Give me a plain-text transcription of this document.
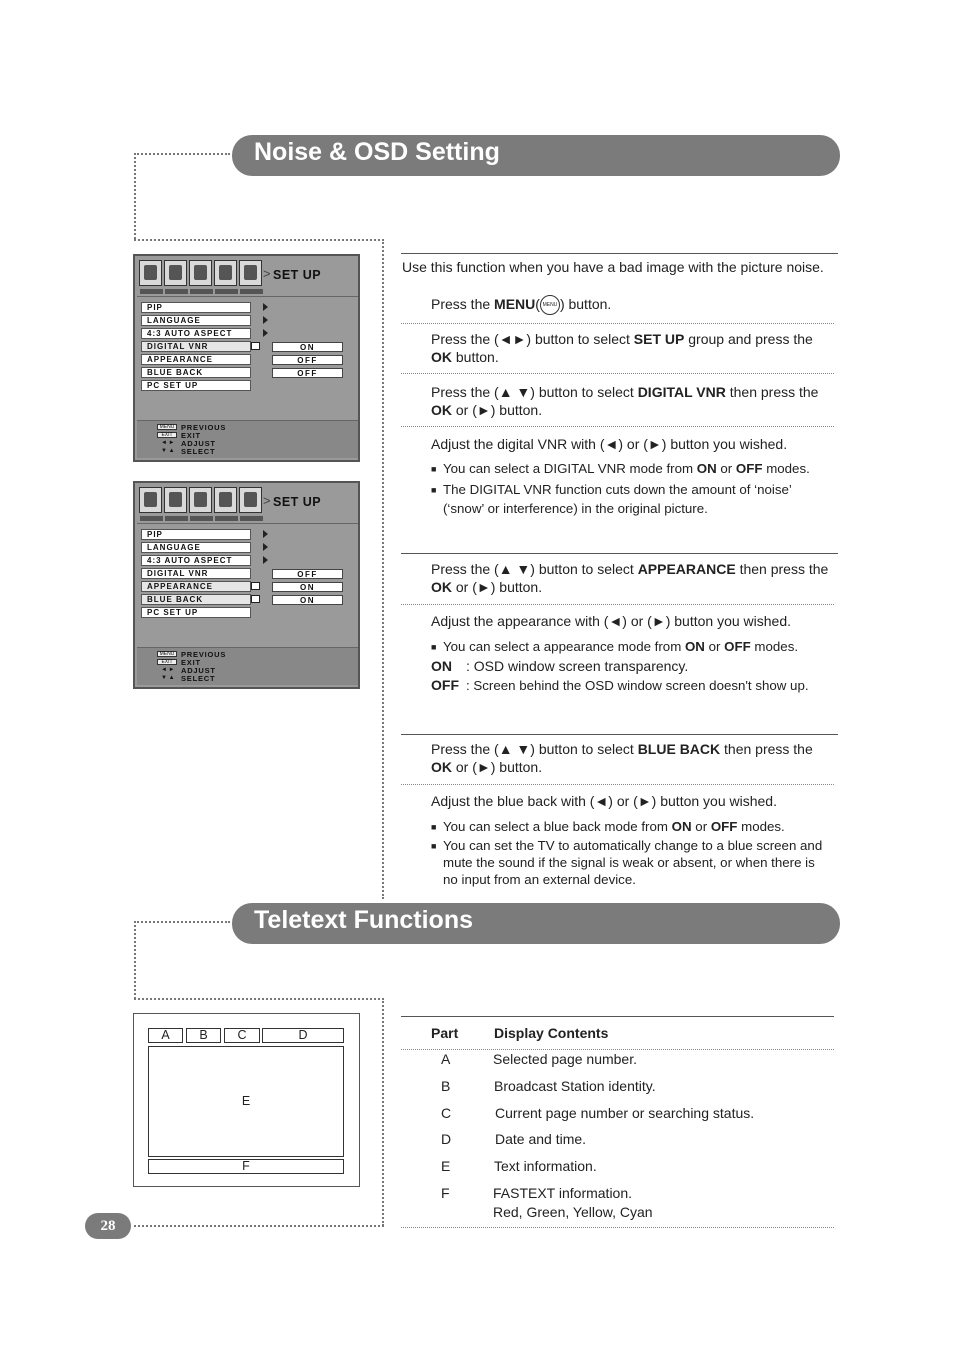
Noise & OSD Setting
> SET UP
PIP
LANGUAGE
4:3 AUTO ASPECT
DIGITAL VNR	ON
APPEARANCE	OFF
BLUE BACK	OFF
PC SET UP
MENU
EXIT
◄ ►
▼ ▲
PREVIOUS
EXIT
ADJUST
SELECT
> SET UP
PIP
LANGUAGE
4:3 AUTO ASPECT
DIGITAL VNR	OFF
APPEARANCE	ON
BLUE BACK	ON
PC SET UP
MENU
EXIT
◄ ►
▼ ▲
PREVIOUS
EXIT
ADJUST
SELECT
Use this function when you have a bad image with the picture noise.
Press the MENU( MENU ) button.
Press the (◄►) button to select SET UP group and press the OK button.
Press the (▲ ▼) button to select DIGITAL VNR then press the OK or (►) button.
Adjust the digital VNR with (◄) or (►) button you wished.
■ You can select a DIGITAL VNR mode from ON or OFF modes.
■ The DIGITAL VNR function cuts down the amount of ‘noise’ (‘snow’ or interference) in the original picture.
Press the (▲ ▼) button to select APPEARANCE then press the OK or (►) button.
Adjust the appearance with (◄) or (►) button you wished.
■ You can select a appearance mode from ON or OFF modes.
ON	: OSD window screen transparency.
OFF : Screen behind the OSD window screen doesn't show up.
Press the (▲ ▼) button to select BLUE BACK then press the OK or (►) button.
Adjust the blue back with (◄) or (►) button you wished.
■ You can select a blue back mode from ON or OFF modes.
■ You can set the TV to automatically change to a blue screen and mute the sound if the signal is weak or absent, or when there is no input from an external device.
Teletext Functions
A	B	C	D
E
F
Part	Display Contents
A	Selected page number.
B	Broadcast Station identity.
C	Current page number or searching status.
D	Date and time.
E	Text information.
F	FASTEXT information.
Red, Green, Yellow, Cyan
28
